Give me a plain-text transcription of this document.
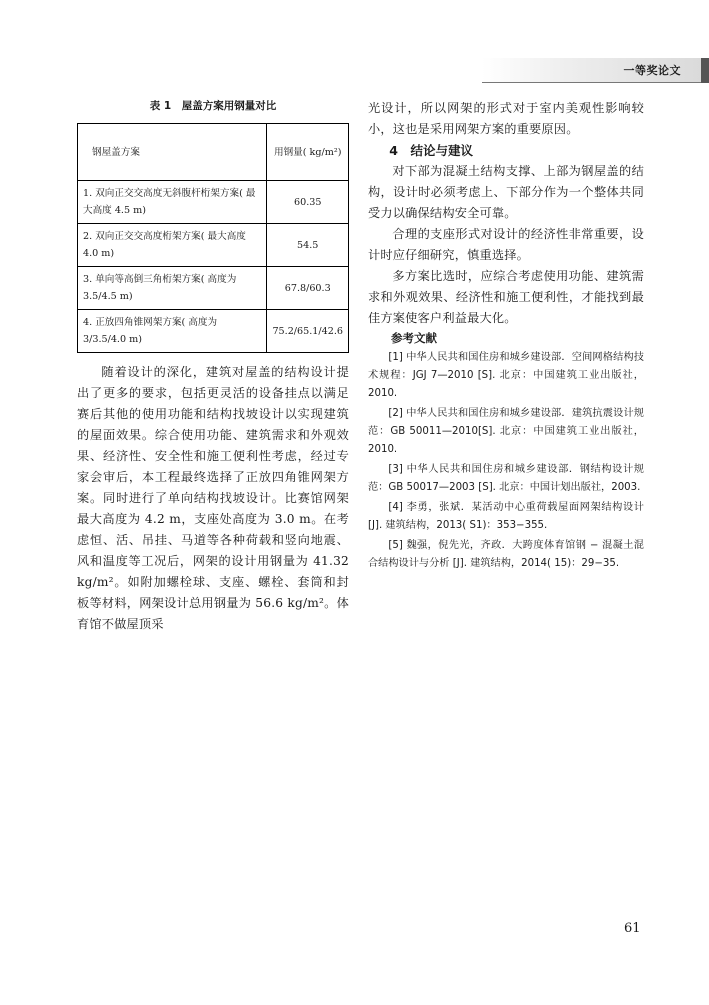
一等奖论文
表 1　屋盖方案用钢量对比
钢屋盖方案	用钢量( kg/m²)
1. 双向正交交高度无斜腹杆桁架方案( 最大高度 4.5 m)	60.35
2. 双向正交交高度桁架方案( 最大高度 4.0 m)	54.5
3. 单向等高倒三角桁架方案( 高度为 3.5/4.5 m)	67.8/60.3
4. 正放四角锥网架方案( 高度为 3/3.5/4.0 m)	75.2/65.1/42.6

随着设计的深化，建筑对屋盖的结构设计提出了更多的要求，包括更灵活的设备挂点以满足赛后其他的使用功能和结构找坡设计以实现建筑的屋面效果。综合使用功能、建筑需求和外观效果、经济性、安全性和施工便利性考虑，经过专家会审后，本工程最终选择了正放四角锥网架方案。同时进行了单向结构找坡设计。比赛馆网架最大高度为 4.2 m，支座处高度为 3.0 m。在考虑恒、活、吊挂、马道等各种荷载和竖向地震、风和温度等工况后，网架的设计用钢量为 41.32 kg/m²。如附加螺栓球、支座、螺栓、套筒和封板等材料，网架设计总用钢量为 56.6 kg/m²。体育馆不做屋顶采

光设计，所以网架的形式对于室内美观性影响较小，这也是采用网架方案的重要原因。

4　结论与建议

对下部为混凝土结构支撑、上部为钢屋盖的结构，设计时必须考虑上、下部分作为一个整体共同受力以确保结构安全可靠。

合理的支座形式对设计的经济性非常重要，设计时应仔细研究，慎重选择。

多方案比选时，应综合考虑使用功能、建筑需求和外观效果、经济性和施工便利性，才能找到最佳方案使客户利益最大化。

参考文献

[1] 中华人民共和国住房和城乡建设部．空间网格结构技术规程：JGJ 7—2010 [S]. 北京：中国建筑工业出版社，2010.

[2] 中华人民共和国住房和城乡建设部．建筑抗震设计规范：GB 50011—2010[S]. 北京：中国建筑工业出版社，2010.

[3] 中华人民共和国住房和城乡建设部．钢结构设计规范：GB 50017—2003 [S]. 北京：中国计划出版社，2003.

[4] 李勇，张斌．某活动中心重荷载屋面网架结构设计 [J]. 建筑结构，2013( S1)：353−355.

[5] 魏强，倪先光，齐政．大跨度体育馆钢 − 混凝土混合结构设计与分析 [J]. 建筑结构，2014( 15)：29−35.

61
